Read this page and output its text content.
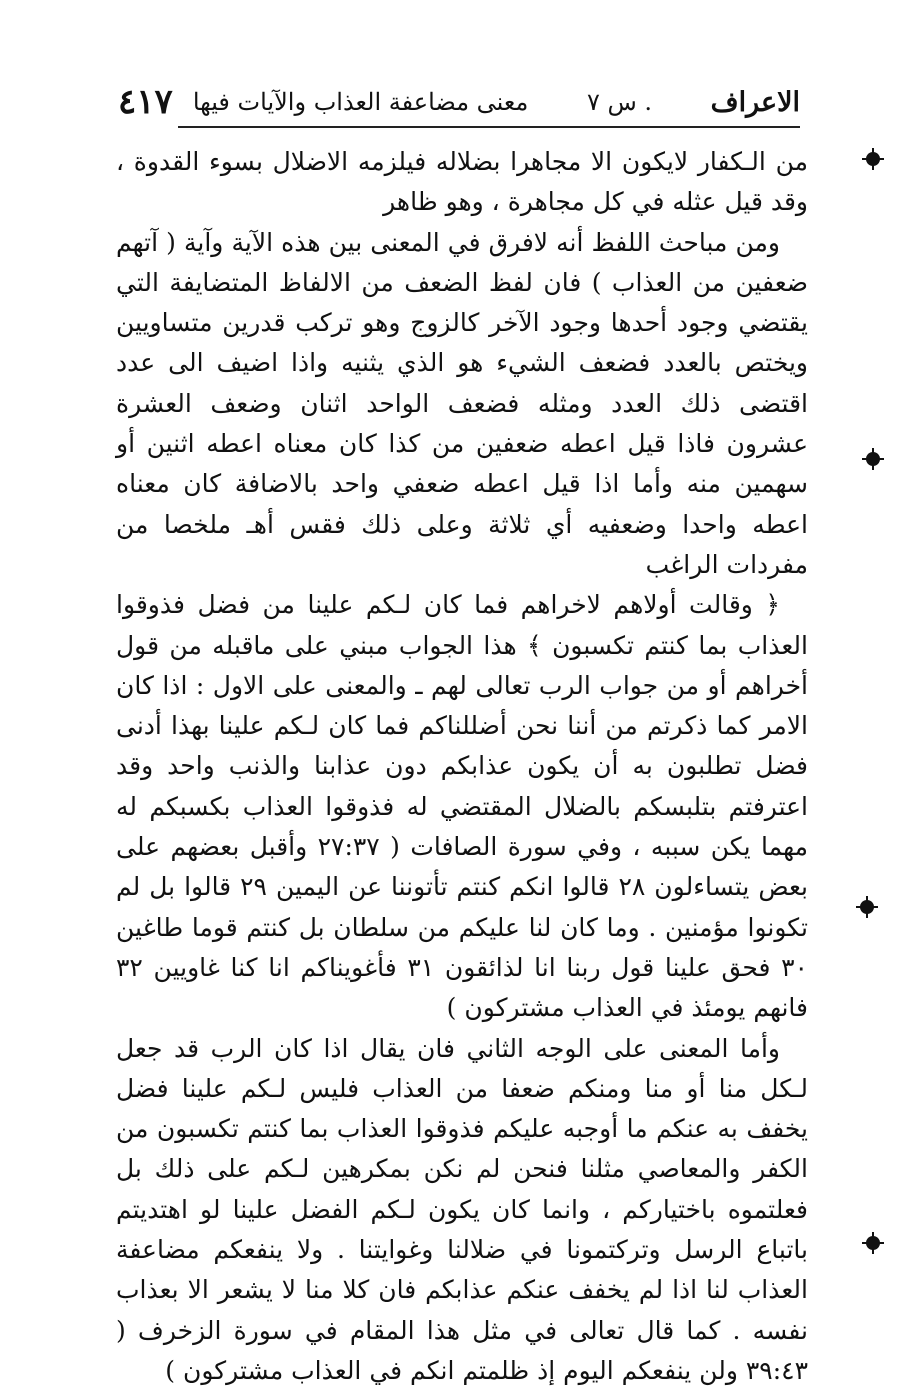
الاعراف
. س ٧
معنى مضاعفة العذاب والآيات فيها
٤١٧

من الـكفار لايكون الا مجاهرا بضلاله فيلزمه الاضلال بسوء القدوة ، وقد قيل عثله في كل مجاهرة ، وهو ظاهر

ومن مباحث اللفظ أنه لافرق في المعنى بين هذه الآية وآية ( آتهم ضعفين من العذاب ) فان لفظ الضعف من الالفاظ المتضايفة التي يقتضي وجود أحدها وجود الآخر كالزوج وهو تركب قدرين متساويين ويختص بالعدد فضعف الشيء هو الذي يثنيه واذا اضيف الى عدد اقتضى ذلك العدد ومثله فضعف الواحد اثنان وضعف العشرة عشرون فاذا قيل اعطه ضعفين من كذا كان معناه اعطه اثنين أو سهمين منه وأما اذا قيل اعطه ضعفي واحد بالاضافة كان معناه اعطه واحدا وضعفيه أي ثلاثة وعلى ذلك فقس أهـ ملخصا من مفردات الراغب

﴿ وقالت أولاهم لاخراهم فما كان لـكم علينا من فضل فذوقوا العذاب بما كنتم تكسبون ﴾ هذا الجواب مبني على ماقبله من قول أخراهم أو من جواب الرب تعالى لهم ـ والمعنى على الاول : اذا كان الامر كما ذكرتم من أننا نحن أضللناكم فما كان لـكم علينا بهذا أدنى فضل تطلبون به أن يكون عذابكم دون عذابنا والذنب واحد وقد اعترفتم بتلبسكم بالضلال المقتضي له فذوقوا العذاب بكسبكم له مهما يكن سببه ، وفي سورة الصافات ( ٢٧:٣٧ وأقبل بعضهم على بعض يتساءلون ٢٨ قالوا انكم كنتم تأتوننا عن اليمين ٢٩ قالوا بل لم تكونوا مؤمنين . وما كان لنا عليكم من سلطان بل كنتم قوما طاغين ٣٠ فحق علينا قول ربنا انا لذائقون ٣١ فأغويناكم انا كنا غاويين ٣٢ فانهم يومئذ في العذاب مشتركون )

وأما المعنى على الوجه الثاني فان يقال اذا كان الرب قد جعل لـكل منا أو منا ومنكم ضعفا من العذاب فليس لـكم علينا فضل يخفف به عنكم ما أوجبه عليكم فذوقوا العذاب بما كنتم تكسبون من الكفر والمعاصي مثلنا فنحن لم نكن بمكرهين لـكم على ذلك بل فعلتموه باختياركم ، وانما كان يكون لـكم الفضل علينا لو اهتديتم باتباع الرسل وتركتمونا في ضلالنا وغوايتنا . ولا ينفعكم مضاعفة العذاب لنا اذا لم يخفف عنكم عذابكم فان كلا منا لا يشعر الا بعذاب نفسه . كما قال تعالى في مثل هذا المقام في سورة الزخرف ( ٣٩:٤٣ ولن ينفعكم اليوم إذ ظلمتم انكم في العذاب مشتركون )
